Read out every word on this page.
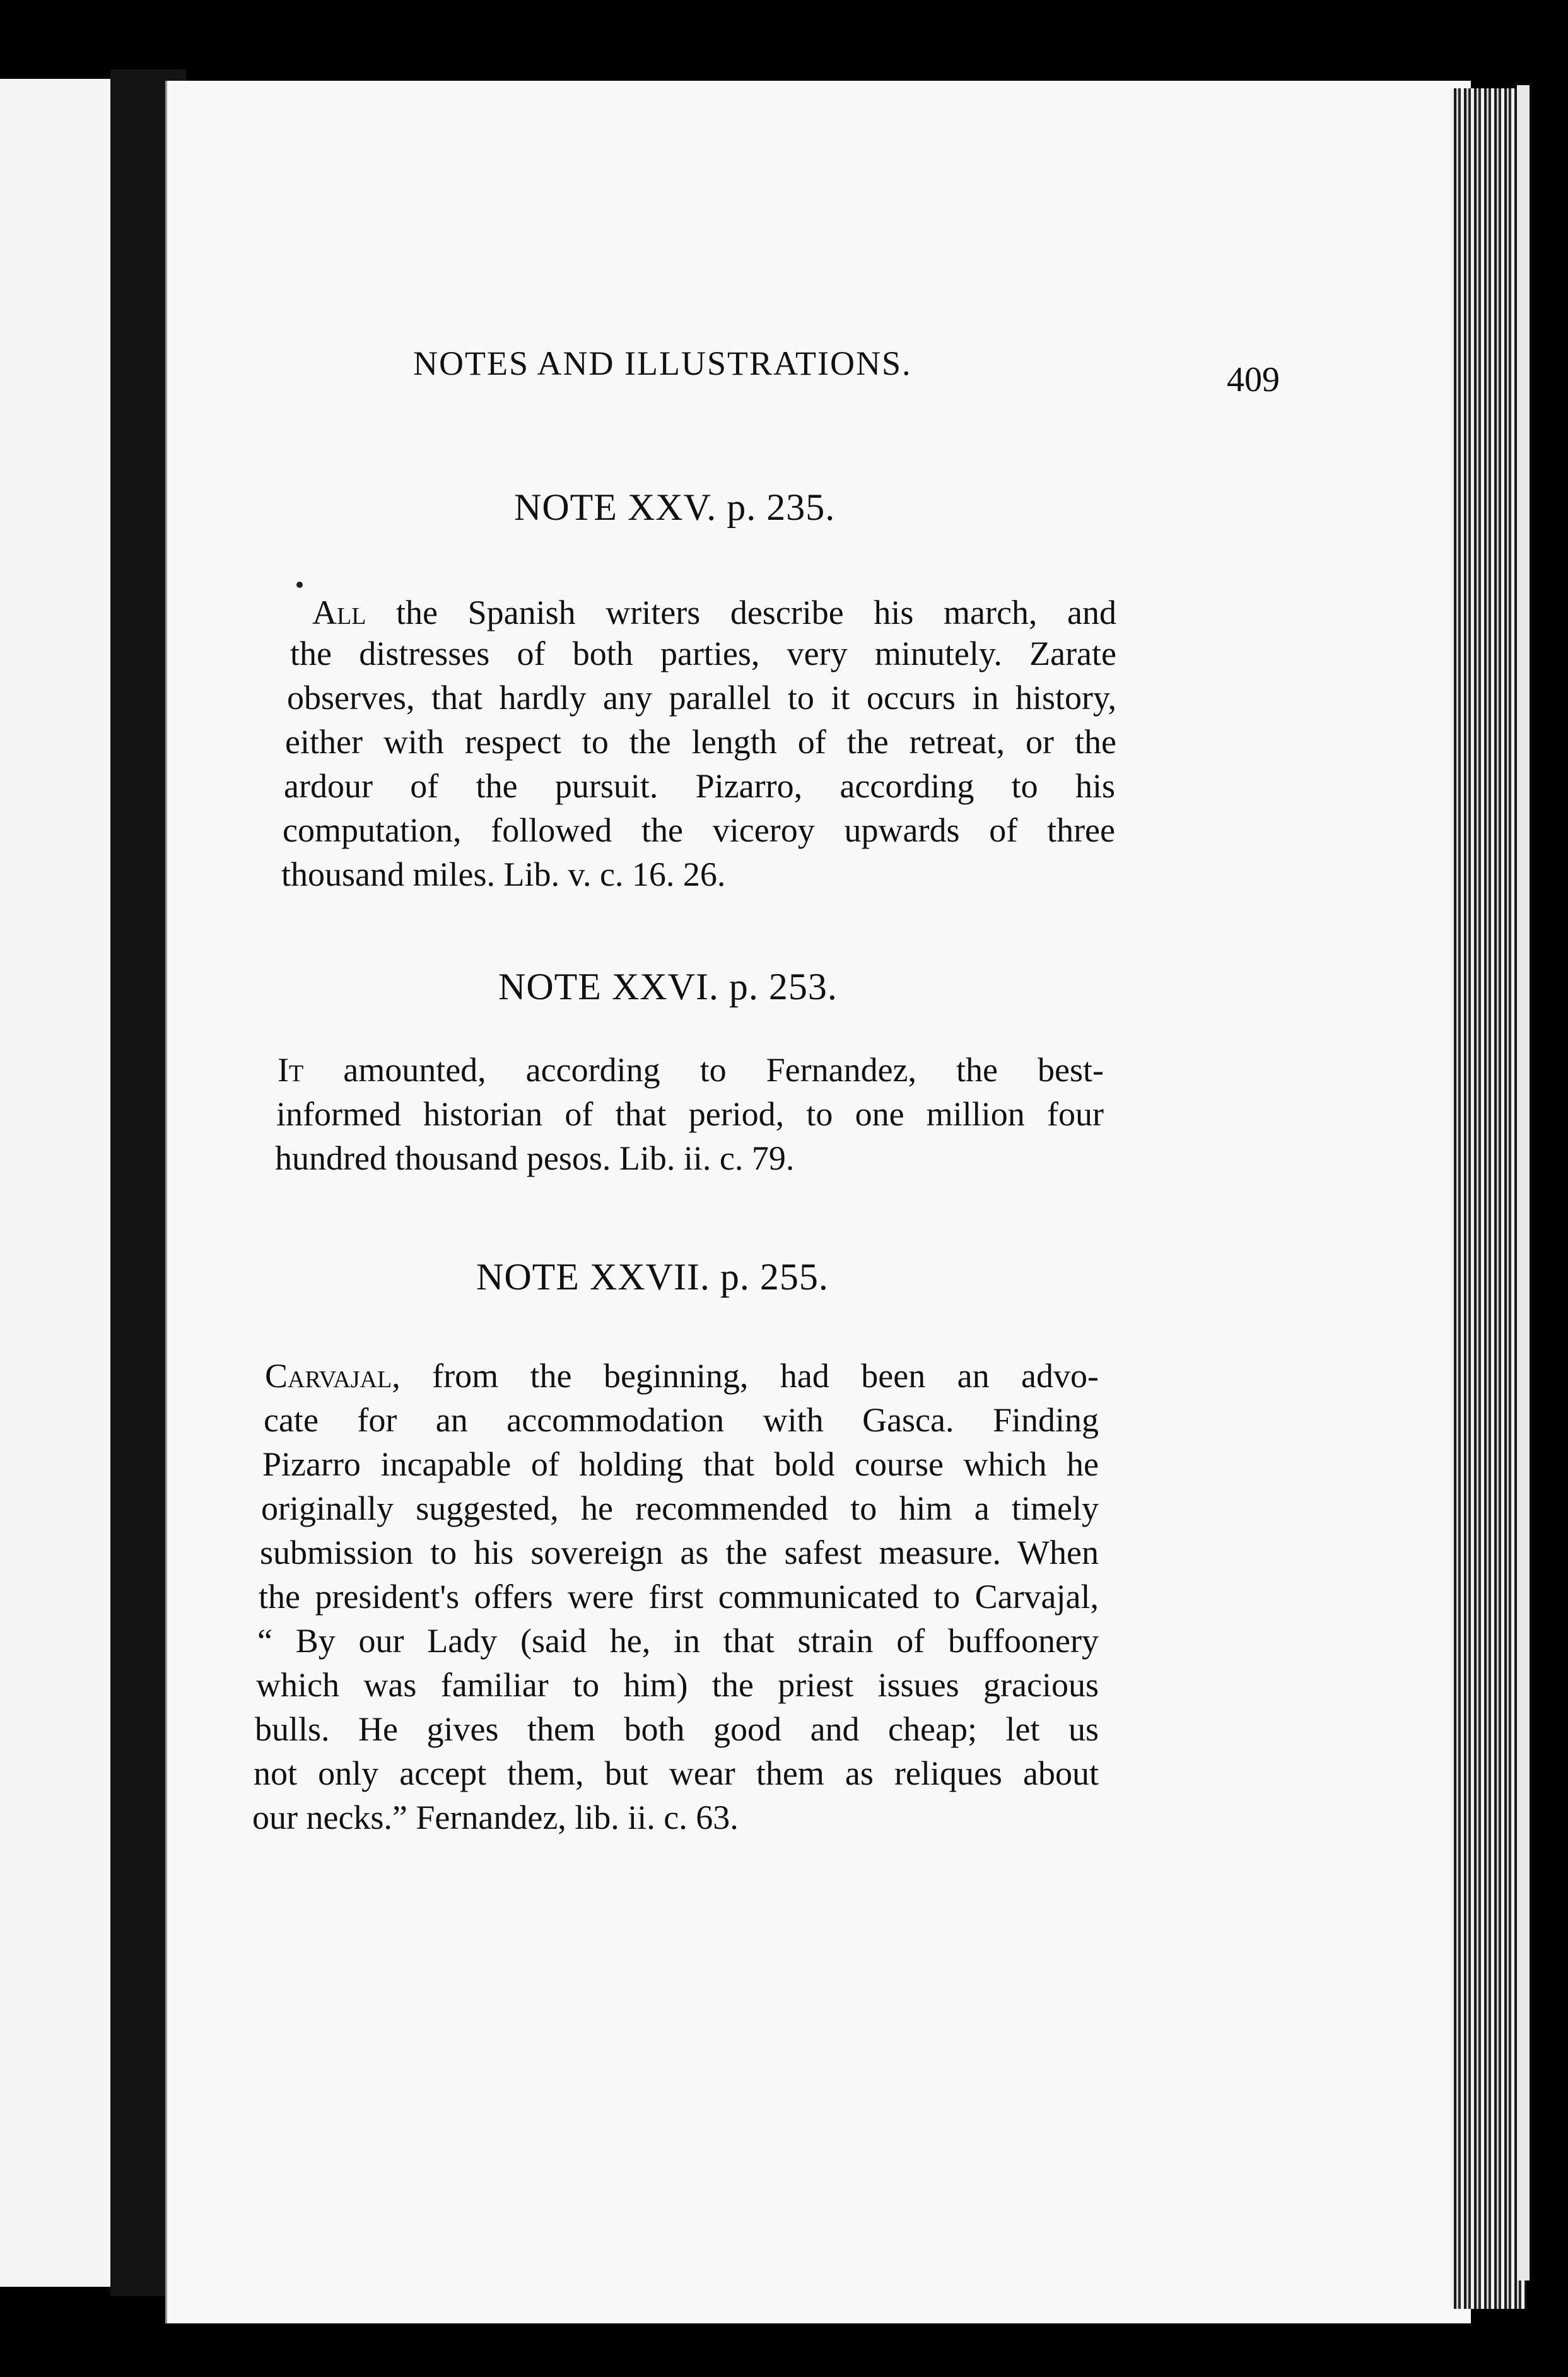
NOTES AND ILLUSTRATIONS.	409
NOTE XXV. p. 235.
All the Spanish writers describe his march, and
the distresses of both parties, very minutely. Zarate
observes, that hardly any parallel to it occurs in history,
either with respect to the length of the retreat, or the
ardour of the pursuit. Pizarro, according to his
computation, followed the viceroy upwards of three
thousand miles. Lib. v. c. 16. 26.
NOTE XXVI. p. 253.
It amounted, according to Fernandez, the best-
informed historian of that period, to one million four
hundred thousand pesos. Lib. ii. c. 79.
NOTE XXVII. p. 255.
Carvajal, from the beginning, had been an advo-
cate for an accommodation with Gasca. Finding
Pizarro incapable of holding that bold course which he
originally suggested, he recommended to him a timely
submission to his sovereign as the safest measure. When
the president's offers were first communicated to Carvajal,
“ By our Lady (said he, in that strain of buffoonery
which was familiar to him) the priest issues gracious
bulls. He gives them both good and cheap; let us
not only accept them, but wear them as reliques about
our necks.” Fernandez, lib. ii. c. 63.
